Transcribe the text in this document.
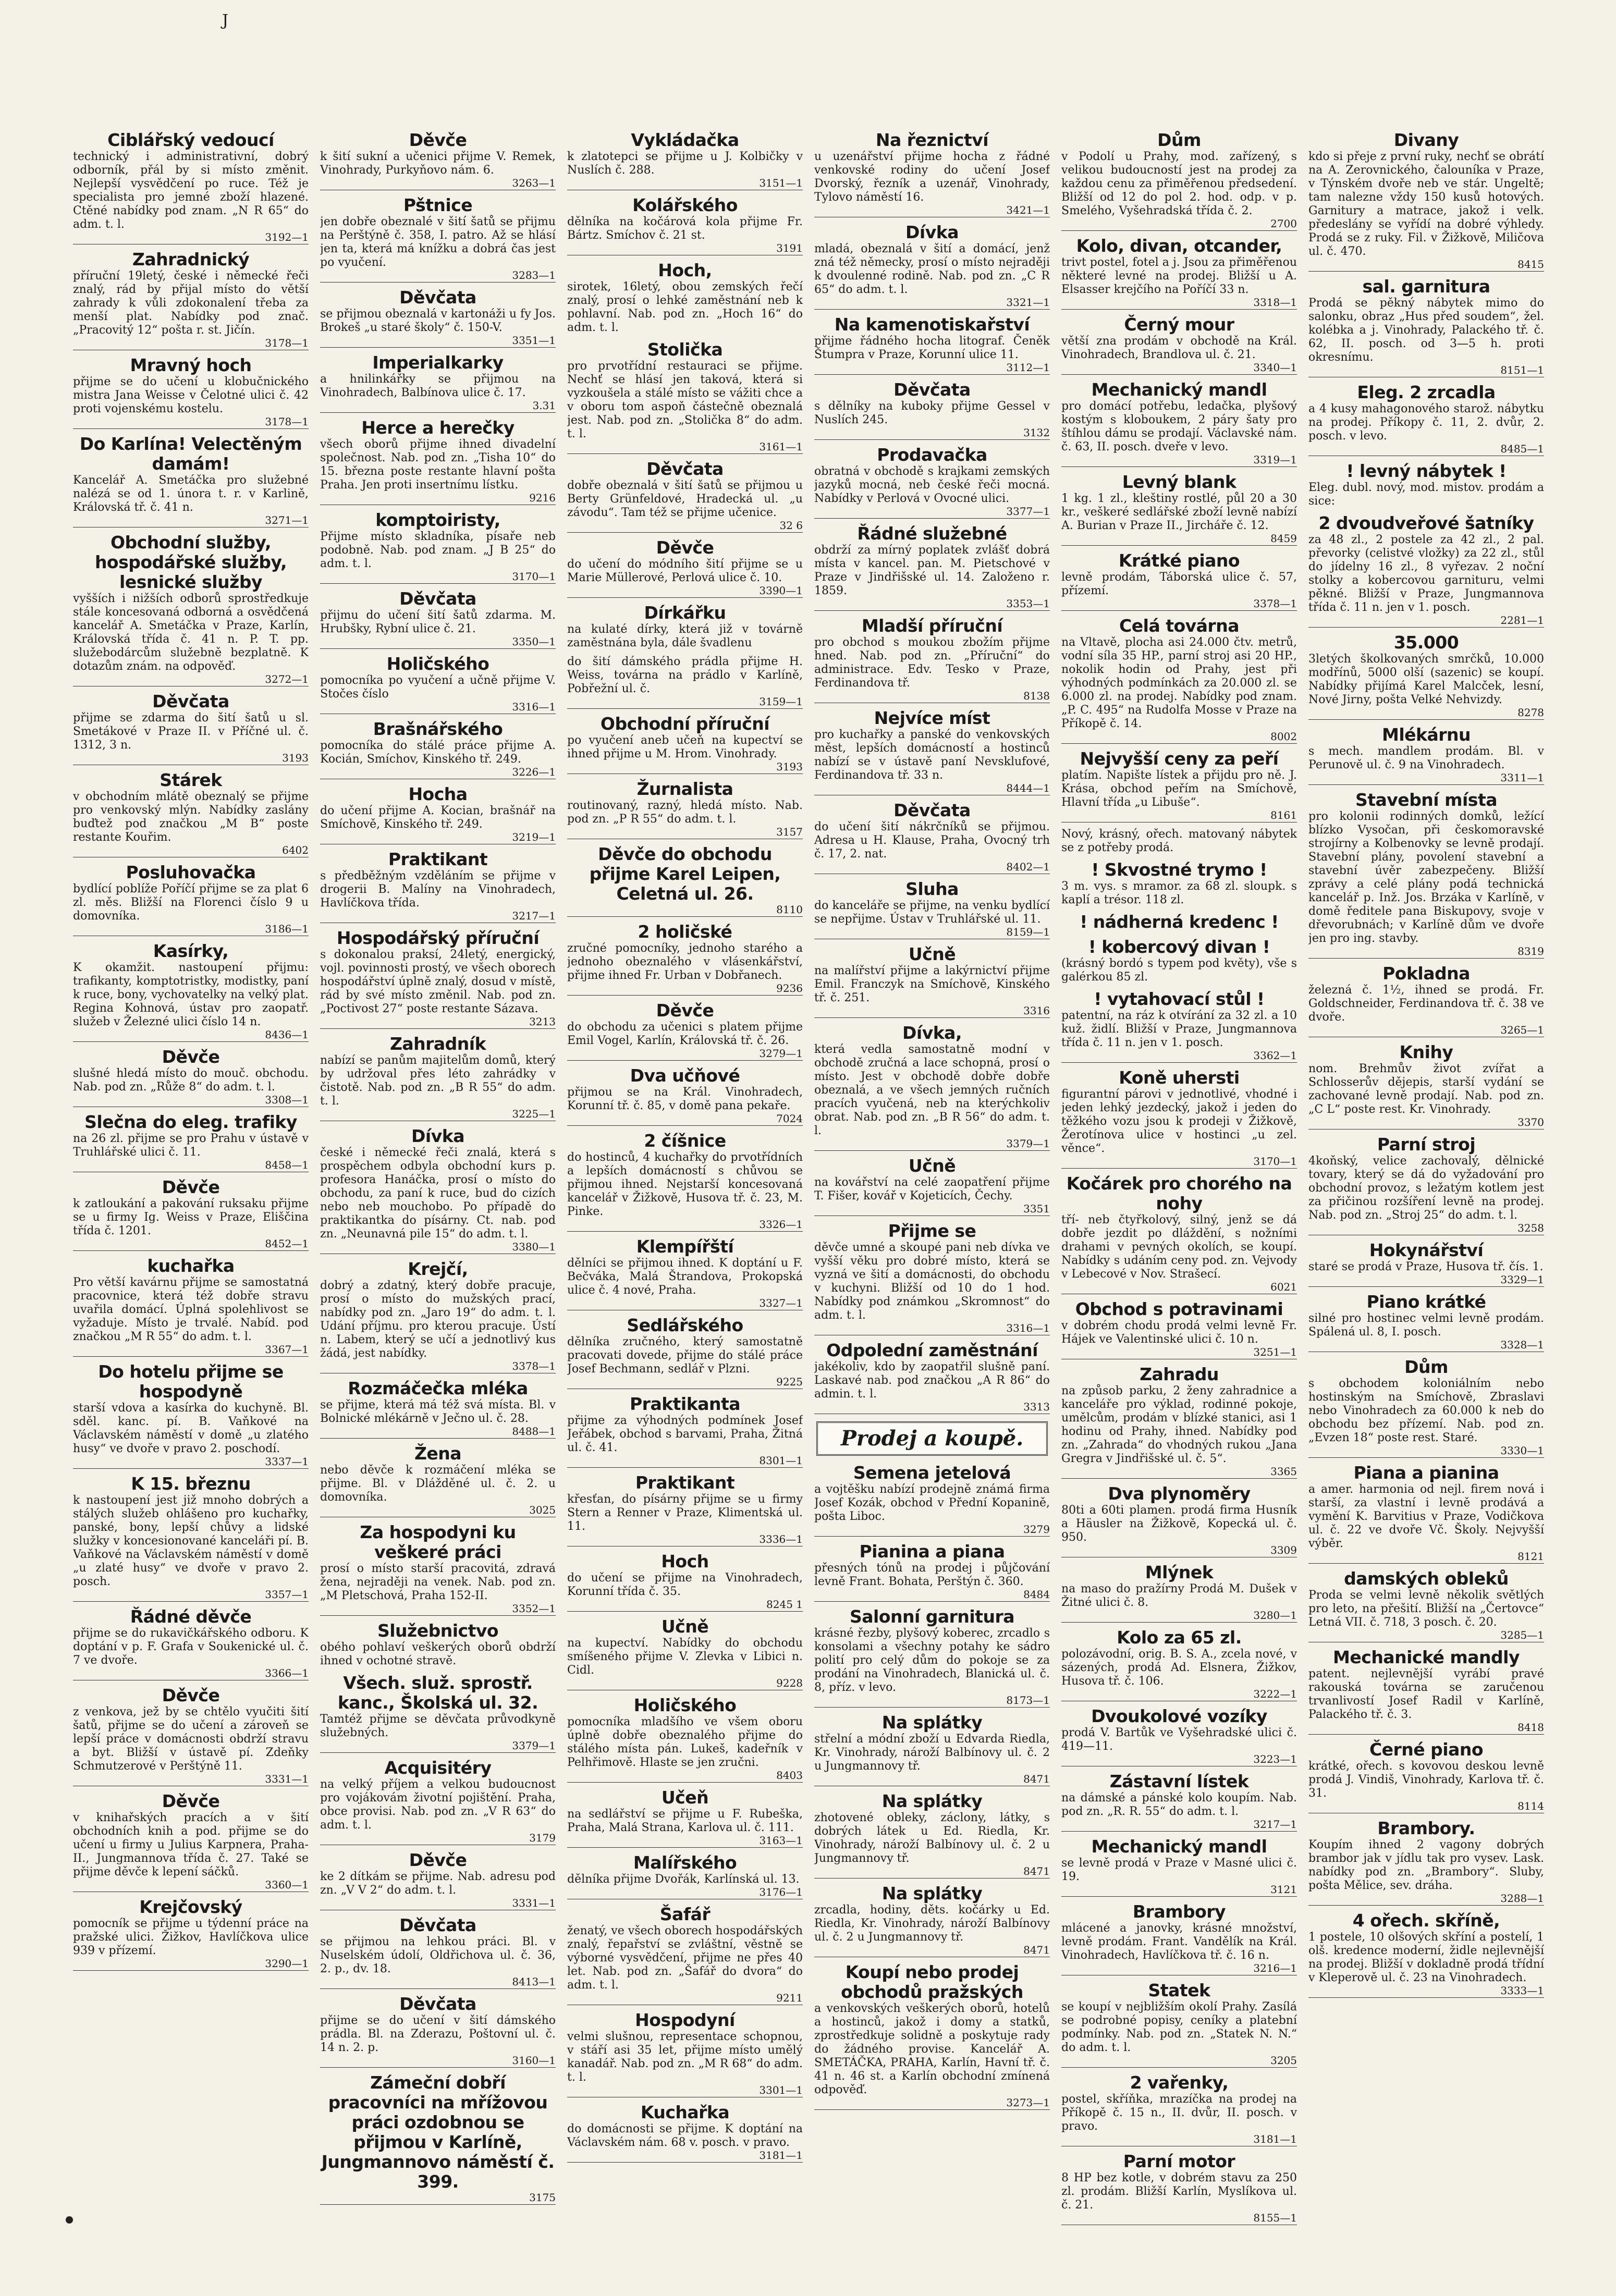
J
Ciblářský vedoucí

technický i administrativní, dobrý odborník, přál by si místo změnit. Nejlepší vysvědčení po ruce. Též je specialista pro jemné zboží hlazené. Ctěné nabídky pod znam. „N R 65“ do adm. t. l.

3192—1
Zahradnický

příruční 19letý, české i německé řeči znalý, rád by přijal místo do větší zahrady k vůli zdokonalení třeba za menší plat. Nabídky pod znač. „Pracovitý 12“ pošta r. st. Jičín.

3178—1
Mravný hoch

přijme se do učení u klobučnického mistra Jana Weisse v Čelotné ulici č. 42 proti vojenskému kostelu.

3178—1
Do Karlína! Velectěným damám!

Kancelář A. Smetáčka pro služebné nalézá se od 1. února t. r. v Karlině, Královská tř. č. 41 n.

3271—1
Obchodní služby, hospodářské služby, lesnické služby

vyšších i nižších odborů sprostředkuje stále koncesovaná odborná a osvědčená kancelář A. Smetáčka v Praze, Karlín, Královská třída č. 41 n. P. T. pp. služebodárcům služebně bezplatně. K dotazům znám. na odpověď.

3272—1
Děvčata

přijme se zdarma do šití šatů u sl. Smetákové v Praze II. v Příčné ul. č. 1312, 3 n.

3193
Stárek

v obchodním mlátě obeznalý se přijme pro venkovský mlýn. Nabídky zaslány buďtež pod značkou „M B“ poste restante Kouřim.

6402
Posluhovačka

bydlící poblíže Poříčí přijme se za plat 6 zl. měs. Bližší na Florenci číslo 9 u domovníka.

3186—1
Kasírky,

K okamžit. nastoupení přijmu: trafikanty, komptotristky, modistky, paní k ruce, bony, vychovatelky na velký plat. Regina Kohnová, ústav pro zaopatř. služeb v Železné ulici číslo 14 n.

8436—1
Děvče

slušné hledá místo do mouč. obchodu. Nab. pod zn. „Růže 8“ do adm. t. l.

3308—1
Slečna do eleg. trafiky

na 26 zl. přijme se pro Prahu v ústavě v Truhlářské ulici č. 11.

8458—1
Děvče

k zatloukání a pakování ruksaku přijme se u firmy Ig. Weiss v Praze, Eliščina třída č. 1201.

8452—1
kuchařka

Pro větší kavárnu přijme se samostatná pracovnice, která též dobře stravu uvařila domácí. Úplná spolehlivost se vyžaduje. Místo je trvalé. Nabíd. pod značkou „M R 55“ do adm. t. l.

3367—1
Do hotelu přijme se hospodyně

starší vdova a kasírka do kuchyně. Bl. sděl. kanc. pí. B. Vaňkové na Václavském náměstí v domě „u zlatého husy“ ve dvoře v pravo 2. poschodí.

3337—1
K 15. březnu

k nastoupení jest již mnoho dobrých a stálých služeb ohlášeno pro kuchařky, panské, bony, lepší chůvy a lidské služky v koncesionované kanceláři pí. B. Vaňkové na Václavském náměstí v domě „u zlaté husy“ ve dvoře v pravo 2. posch.

3357—1
Řádné děvče

přijme se do rukavičkářského odboru. K doptání v p. F. Grafa v Soukenické ul. č. 7 ve dvoře.

3366—1
Děvče

z venkova, jež by se chtělo vyučiti šití šatů, přijme se do učení a zároveň se lepší práce v domácnosti obdrží stravu a byt. Bližší v ústavě pí. Zdeňky Schmutzerové v Perštýně 11.

3331—1
Děvče

v knihařských pracích a v šití obchodních knih a pod. přijme se do učení u firmy u Julius Karpnera, Praha-II., Jungmannova třída č. 27. Také se přijme děvče k lepení sáčků.

3360—1
Krejčovský

pomocník se přijme u týdenní práce na pražské ulici. Žižkov, Havlíčkova ulice 939 v přízemí.

3290—1
Děvče

k šití sukní a učenici přijme V. Remek, Vinohrady, Purkyňovo nám. 6.

3263—1
Pštnice

jen dobře obeznalé v šití šatů se přijmu na Perštýně č. 358, I. patro. Až se hlásí jen ta, která má knížku a dobrá čas jest po vyučení.

3283—1
Děvčata

se přijmou obeznalá v kartonáži u fy Jos. Brokeš „u staré školy“ č. 150-V.

3351—1
Imperialkarky

a hnilinkářky se přijmou na Vinohradech, Balbínova ulice č. 17.

3.31
Herce a herečky

všech oborů přijme ihned divadelní společnost. Nab. pod zn. „Tisha 10“ do 15. března poste restante hlavní pošta Praha. Jen proti insertnímu lístku.

9216
komptoiristy,

Přijme místo skladníka, písaře neb podobně. Nab. pod znam. „J B 25“ do adm. t. l.

3170—1
Děvčata

přijmu do učení šití šatů zdarma. M. Hrubšky, Rybní ulice č. 21.

3350—1
Holičského

pomocníka po vyučení a učně přijme V. Stočes číslo

3316—1
Brašnářského

pomocníka do stálé práce přijme A. Kocián, Smíchov, Kinského tř. 249.

3226—1
Hocha

do učení přijme A. Kocian, brašnář na Smíchově, Kinského tř. 249.

3219—1
Praktikant

s předběžným vzděláním se přijme v drogerii B. Malíny na Vinohradech, Havlíčkova třída.

3217—1
Hospodářský příruční

s dokonalou praksí, 24letý, energický, vojl. povinnosti prostý, ve všech oborech hospodářství úplně znalý, dosud v místě, rád by své místo změnil. Nab. pod zn. „Poctivost 27“ poste restante Sázava.

3213
Zahradník

nabízí se panům majitelům domů, který by udržoval přes léto zahrádky v čistotě. Nab. pod zn. „B R 55“ do adm. t. l.

3225—1
Dívka

české i německé řeči znalá, která s prospěchem odbyla obchodní kurs p. profesora Hanáčka, prosí o místo do obchodu, za paní k ruce, bud do cizích nebo neb mouchobo. Po případě do praktikantka do písárny. Ct. nab. pod zn. „Neunavná pile 15“ do adm. t. l.

3380—1
Krejčí,

dobrý a zdatný, který dobře pracuje, prosí o místo do mužských prací, nabídky pod zn. „Jaro 19“ do adm. t. l. Udání příjmu. pro kterou pracuje. Ústí n. Labem, který se učí a jednotlivý kus žádá, jest nabídky.

3378—1
Rozmáčečka mléka

se přijme, která má též svá místa. Bl. v Bolnické mlékárně v Ječno ul. č. 28.

8488—1
Žena

nebo děvče k rozmáčení mléka se přijme. Bl. v Dlážděné ul. č. 2. u domovníka.

3025
Za hospodyni ku veškeré práci

prosí o místo starší pracovitá, zdravá žena, nejraději na venek. Nab. pod zn. „M Pletschová, Praha 152-II.

3352—1
Služebnictvo

obého pohlaví veškerých oborů obdrží ihned v ochotné stravě.

Všech. služ. sprostř. kanc., Školská ul. 32.

Tamtéž přijme se děvčata průvodkyně služebných.

3379—1
Acquisitéry

na velký příjem a velkou budoucnost pro vojákovám životní pojištění. Praha, obce provisi. Nab. pod zn. „V R 63“ do adm. t. l.

3179
Děvče

ke 2 dítkám se přijme. Nab. adresu pod zn. „V V 2“ do adm. t. l.

3331—1
Děvčata

se přijmou na lehkou práci. Bl. v Nuselském údolí, Oldřichova ul. č. 36, 2. p., dv. 18.

8413—1
Děvčata

přijme se do učení v šití dámského prádla. Bl. na Zderazu, Poštovní ul. č. 14 n. 2. p.

3160—1
Zámeční dobří pracovníci na mřížovou práci ozdobnou se přijmou v Karlíně, Jungmannovo náměstí č. 399.
3175
Vykládačka

k zlatotepci se přijme u J. Kolbičky v Nuslích č. 288.

3151—1
Kolářského

dělníka na kočárová kola přijme Fr. Bártz. Smíchov č. 21 st.

3191
Hoch,

sirotek, 16letý, obou zemských řečí znalý, prosí o lehké zaměstnání neb k pohlavní. Nab. pod zn. „Hoch 16“ do adm. t. l.

Stolička

pro prvotřídní restauraci se přijme. Nechť se hlásí jen taková, která si vyzkoušela a stálé místo se vážiti chce a v oboru tom aspoň částečně obeznalá jest. Nab. pod zn. „Stolička 8“ do adm. t. l.

3161—1
Děvčata

dobře obeznalá v šití šatů se přijmou u Berty Grünfeldové, Hradecká ul. „u závodu“. Tam též se přijme učenice.

32 6
Děvče

do učení do módního šití přijme se u Marie Müllerové, Perlová ulice č. 10.

3390—1
Dírkářku

na kulaté dírky, která již v továrně zaměstnána byla, dále švadlenu

do šití dámského prádla přijme H. Weiss, továrna na prádlo v Karlíně, Pobřežní ul. č.

3159—1
Obchodní příruční

po vyučení aneb učeň na kupectví se ihned přijme u M. Hrom. Vinohrady.

3193
Žurnalista

routinovaný, razný, hledá místo. Nab. pod zn. „P R 55“ do adm. t. l.

3157
Děvče do obchodu přijme Karel Leipen, Celetná ul. 26.
8110
2 holičské

zručné pomocníky, jednoho starého a jednoho obeznalého v vlásenkářství, přijme ihned Fr. Urban v Dobřanech.

9236
Děvče

do obchodu za učenici s platem přijme Emil Vogel, Karlín, Královská tř. č. 26.

3279—1
Dva učňové

přijmou se na Král. Vinohradech, Korunní tř. č. 85, v domě pana pekaře.

7024
2 číšnice

do hostinců, 4 kuchařky do prvotřídních a lepších domácností s chůvou se přijmou ihned. Nejstarší koncesovaná kancelář v Žižkově, Husova tř. č. 23, M. Pinke.

3326—1
Klempířští

dělníci se přijmou ihned. K doptání u F. Bečváka, Malá Štrandova, Prokopská ulice č. 4 nové, Praha.

3327—1
Sedlářského

dělníka zručného, který samostatně pracovati dovede, přijme do stálé práce Josef Bechmann, sedlář v Plzni.

9225
Praktikanta

přijme za výhodných podmínek Josef Jeřábek, obchod s barvami, Praha, Žitná ul. č. 41.

8301—1
Praktikant

křesťan, do písárny přijme se u firmy Stern a Renner v Praze, Klimentská ul. 11.

3336—1
Hoch

do učení se přijme na Vinohradech, Korunní třída č. 35.

8245 1
Učně

na kupectví. Nabídky do obchodu smíšeného přijme V. Zlevka v Libici n. Cidl.

9228
Holičského

pomocníka mladšího ve všem oboru úplně dobře obeznalého přijme do stálého místa pán. Lukeš, kadeřník v Pelhřimově. Hlaste se jen zručni.

8403
Učeň

na sedlářství se přijme u F. Rubeška, Praha, Malá Strana, Karlova ul. č. 111.

3163—1
Malířského

dělníka přijme Dvořák, Karlínská ul. 13.

3176—1
Šafář

ženatý, ve všech oborech hospodářských znalý, řepařství se zvláštní, věstně se výborné vysvědčení, přijme ne přes 40 let. Nab. pod zn. „Šafář do dvora“ do adm. t. l.

9211
Hospodyní

velmi slušnou, representace schopnou, v stáří asi 35 let, přijme místo umělý kanadář. Nab. pod zn. „M R 68“ do adm. t. l.

3301—1
Kuchařka

do domácnosti se přijme. K doptání na Václavském nám. 68 v. posch. v pravo.

3181—1
Na řeznictví

u uzenářství přijme hocha z řádné venkovské rodiny do učení Josef Dvorský, řezník a uzenář, Vinohrady, Tylovo náměstí 16.

3421—1
Dívka

mladá, obeznalá v šití a domácí, jenž zná též německy, prosí o místo nejraději k dvoulenné rodině. Nab. pod zn. „C R 65“ do adm. t. l.

3321—1
Na kamenotiskařství

přijme řádného hocha litograf. Čeněk Štumpra v Praze, Korunní ulice 11.

3112—1
Děvčata

s dělníky na kuboky přijme Gessel v Nuslích 245.

3132
Prodavačka

obratná v obchodě s krajkami zemských jazyků mocná, neb české řeči mocná. Nabídky v Perlová v Ovocné ulici.

3377—1
Řádné služebné

obdrží za mírný poplatek zvlášť dobrá místa v kancel. pan. M. Pietschové v Praze v Jindřišské ul. 14. Založeno r. 1859.

3353—1
Mladší příruční

pro obchod s moukou zbožím přijme hned. Nab. pod zn. „Příruční“ do administrace. Edv. Tesko v Praze, Ferdinandova tř.

8138
Nejvíce míst

pro kuchařky a panské do venkovských měst, lepších domácností a hostinců nabízí se v ústavě paní Nevsklufové, Ferdinandova tř. 33 n.

8444—1
Děvčata

do učení šití nákrčníků se přijmou. Adresa u H. Klause, Praha, Ovocný trh č. 17, 2. nat.

8402—1
Sluha

do kanceláře se přijme, na venku bydlící se nepřijme. Ústav v Truhlářské ul. 11.

8159—1
Učně

na malířství přijme a lakýrnictví přijme Emil. Franczyk na Smíchově, Kinského tř. č. 251.

3316
Dívka,

která vedla samostatně modní v obchodě zručná a lace schopná, prosí o místo. Jest v obchodě dobře dobře obeznalá, a ve všech jemných ručních pracích vyučená, neb na kterýchkoliv obrat. Nab. pod zn. „B R 56“ do adm. t. l.

3379—1
Učně

na kovářství na celé zaopatření přijme T. Fišer, kovář v Kojeticích, Čechy.

3351
Přijme se

děvče umné a skoupé pani neb dívka ve vyšší věku pro dobré místo, která se vyzná ve šití a domácnosti, do obchodu v kuchyni. Bližší od 10 do 1 hod. Nabídky pod známkou „Skromnost“ do adm. t. l.

3316—1
Odpolední zaměstnání

jakékoliv, kdo by zaopatřil slušně paní. Laskavé nab. pod značkou „A R 86“ do admin. t. l.

3313
Prodej a koupě.
Semena jetelová

a vojtěšku nabízí prodejně známá firma Josef Kozák, obchod v Přední Kopanině, pošta Liboc.

3279
Pianina a piana

přesných tónů na prodej i půjčování levně Frant. Bohata, Perštýn č. 360.

8484
Salonní garnitura

krásné řezby, plyšový koberec, zrcadlo s konsolami a všechny potahy ke sádro polití pro celý dům do pokoje se za prodání na Vinohradech, Blanická ul. č. 8, příz. v levo.

8173—1
Na splátky

střelní a módní zboží u Edvarda Riedla, Kr. Vinohrady, nároží Balbínovy ul. č. 2 u Jungmannovy tř.

8471
Na splátky

zhotovené obleky, záclony, látky, s dobrých látek u Ed. Riedla, Kr. Vinohrady, nároží Balbínovy ul. č. 2 u Jungmannovy tř.

8471
Na splátky

zrcadla, hodiny, děts. kočárky u Ed. Riedla, Kr. Vinohrady, nároží Balbínovy ul. č. 2 u Jungmannovy tř.

8471
Koupí nebo prodej obchodů pražských

a venkovských veškerých oborů, hotelů a hostinců, jakož i domy a statků, zprostředkuje solidně a poskytuje rady do žádného provise. Kancelář A. SMETÁČKA, PRAHA, Karlín, Havní tř. č. 41 n. 46 st. a Karlín obchodní zmínená odpověď.

3273—1
Dům

v Podolí u Prahy, mod. zařízený, s velikou budoucností jest na prodej za každou cenu za přiměřenou předsedení. Bližší od 12 do pol 2. hod. odp. v p. Smelého, Vyšehradská třída č. 2.

2700
Kolo, divan, otcander,

trivt postel, fotel a j. Jsou za přiměřenou některé levné na prodej. Bližší u A. Elsasser krejčího na Poříčí 33 n.

3318—1
Černý mour

větší zna prodám v obchodě na Král. Vinohradech, Brandlova ul. č. 21.

3340—1
Mechanický mandl

pro domácí potřebu, ledačka, plyšový kostým s kloboukem, 2 páry šaty pro štíhlou dámu se prodají. Václavské nám. č. 63, II. posch. dveře v levo.

3319—1
Levný blank

1 kg. 1 zl., kleštiny rostlé, půl 20 a 30 kr., veškeré sedlářské zboží levně nabízí A. Burian v Praze II., Jircháře č. 12.

8459
Krátké piano

levně prodám, Táborská ulice č. 57, přízemí.

3378—1
Celá továrna

na Vltavě, plocha asi 24.000 čtv. metrů, vodní síla 35 HP., parní stroj asi 20 HP., nokolik hodin od Prahy, jest při výhodných podmínkách za 20.000 zl. se 6.000 zl. na prodej. Nabídky pod znam. „P. C. 495“ na Rudolfa Mosse v Praze na Příkopě č. 14.

8002
Nejvyšší ceny za peří

platím. Napište lístek a přijdu pro ně. J. Krása, obchod peřím na Smíchově, Hlavní třída „u Libuše“.

8161

Nový, krásný, ořech. matovaný nábytek se z potřeby prodá.

! Skvostné trymo !

3 m. vys. s mramor. za 68 zl. sloupk. s kaplí a trésor. 118 zl.

! nádherná kredenc !
! kobercový divan !

(krásný bordó s typem pod květy), vše s galérkou 85 zl.

! vytahovací stůl !

patentní, na ráz k otvírání za 32 zl. a 10 kuž. židlí. Bližší v Praze, Jungmannova třída č. 11 n. jen v 1. posch.

3362—1
Koně uhersti

figurantní párovi v jednotlivé, vhodné i jeden lehký jezdecký, jakož i jeden do těžkého vozu jsou k prodeji v Žižkově, Žerotínova ulice v hostinci „u zel. věnce“.

3170—1
Kočárek pro chorého na nohy

tří- neb čtyřkolový, silný, jenž se dá dobře jezdit po dláždění, s nožními drahami v pevných okolích, se koupí. Nabídky s udáním ceny pod. zn. Vejvody v Lebecové v Nov. Strašecí.

6021
Obchod s potravinami

v dobrém chodu prodá velmi levně Fr. Hájek ve Valentinské ulici č. 10 n.

3251—1
Zahradu

na způsob parku, 2 ženy zahradnice a kanceláře pro výklad, rodinné pokoje, umělcům, prodám v blízké stanici, asi 1 hodinu od Prahy, ihned. Nabídky pod zn. „Zahrada“ do vhodných rukou „Jana Gregra v Jindřišské ul. č. 5“.

3365
Dva plynoměry

80ti a 60ti plamen. prodá firma Husník a Häusler na Žižkově, Kopecká ul. č. 950.

3309
Mlýnek

na maso do pražírny Prodá M. Dušek v Žitné ulici č. 8.

3280—1
Kolo za 65 zl.

polozávodní, orig. B. S. A., zcela nové, v sázených, prodá Ad. Elsnera, Žižkov, Husova tř. č. 106.

3222—1
Dvoukolové vozíky

prodá V. Bartůk ve Vyšehradské ulici č. 419—11.

3223—1
Zástavní lístek

na dámské a pánské kolo koupím. Nab. pod zn. „R. R. 55“ do adm. t. l.

3217—1
Mechanický mandl

se levně prodá v Praze v Masné ulici č. 19.

3121
Brambory

mlácené a janovky, krásné množství, levně prodám. Frant. Vandělík na Král. Vinohradech, Havlíčkova tř. č. 16 n.

3216—1
Statek

se koupí v nejbližším okolí Prahy. Zasílá se podrobné popisy, ceníky a platební podmínky. Nab. pod zn. „Statek N. N.“ do adm. t. l.

3205
2 vařenky,

postel, skříňka, mrazíčka na prodej na Příkopě č. 15 n., II. dvůr, II. posch. v pravo.

3181—1
Parní motor

8 HP bez kotle, v dobrém stavu za 250 zl. prodám. Bližší Karlín, Myslíkova ul. č. 21.

8155—1
Divany

kdo si přeje z první ruky, nechť se obrátí na A. Zerovnického, čalouníka v Praze, v Týnském dvoře neb ve stár. Ungeltě; tam nalezne vždy 150 kusů hotových. Garnitury a matrace, jakož i velk. předeslány se vyřídí na dobré výhledy. Prodá se z ruky. Fil. v Žižkově, Miličova ul. č. 470.

8415
sal. garnitura

Prodá se pěkný nábytek mimo do salonku, obraz „Hus před soudem“, žel. kolébka a j. Vinohrady, Palackého tř. č. 62, II. posch. od 3—5 h. proti okresnímu.

8151—1
Eleg. 2 zrcadla

a 4 kusy mahagonového starož. nábytku na prodej. Příkopy č. 11, 2. dvůr, 2. posch. v levo.

8485—1
! levný nábytek !

Eleg. dubl. nový, mod. mistov. prodám a sice:

2 dvoudveřové šatníky

za 48 zl., 2 postele za 42 zl., 2 pal. převorky (celistvé vložky) za 22 zl., stůl do jídelny 16 zl., 8 vyřezav. 2 noční stolky a kobercovou garnituru, velmi pěkné. Bližší v Praze, Jungmannova třída č. 11 n. jen v 1. posch.

2281—1
35.000

3letých školkovaných smrčků, 10.000 modřínů, 5000 olší (sazenic) se koupí. Nabídky přijímá Karel Malcček, lesní, Nové Jirny, pošta Velké Nehvizdy.

8278
Mlékárnu

s mech. mandlem prodám. Bl. v Perunově ul. č. 9 na Vinohradech.

3311—1
Stavební místa

pro kolonii rodinných domků, ležící blízko Vysočan, při českomoravské strojírny a Kolbenovky se levně prodají. Stavební plány, povolení stavební a stavební úvěr zabezpečeny. Bližší zprávy a celé plány podá technická kancelář p. Inž. Jos. Brzáka v Karlíně, v domě ředitele pana Biskupovy, svoje v dřevorubnách; v Karlíně dům ve dvoře jen pro ing. stavby.

8319
Pokladna

železná č. 1½, ihned se prodá. Fr. Goldschneider, Ferdinandova tř. č. 38 ve dvoře.

3265—1
Knihy

nom. Brehmův život zvířat a Schlosserův dějepis, starší vydání se zachované levně prodají. Nab. pod zn. „C L“ poste rest. Kr. Vinohrady.

3370
Parní stroj

4koňský, velice zachovalý, dělnické tovary, který se dá do vyžadování pro obchodní provoz, s ležatým kotlem jest za přičinou rozšíření levně na prodej. Nab. pod zn. „Stroj 25“ do adm. t. l.

3258
Hokynářství

staré se prodá v Praze, Husova tř. čís. 1.

3329—1
Piano krátké

silné pro hostinec velmi levně prodám. Spálená ul. 8, I. posch.

3328—1
Dům

s obchodem koloniálním nebo hostinským na Smíchově, Zbraslavi nebo Vinohradech za 60.000 k neb do obchodu bez přízemí. Nab. pod zn. „Evzen 18“ poste rest. Staré.

3330—1
Piana a pianina

a amer. harmonia od nejl. firem nová i starší, za vlastní i levně prodává a vymění K. Barvitius v Praze, Vodičkova ul. č. 22 ve dvoře Vč. Školy. Nejvyšší výběr.

8121
damských obleků

Proda se velmi levně několik světlých pro leto, na přešití. Bližší na „Čertovce“ Letná VII. č. 718, 3 posch. č. 20.

3285—1
Mechanické mandly

patent. nejlevnější vyrábí pravé rakouská továrna se zaručenou trvanlivostí Josef Radil v Karlíně, Palackého tř. č. 3.

8418
Černé piano

krátké, ořech. s kovovou deskou levně prodá J. Vindiš, Vinohrady, Karlova tř. č. 31.

8114
Brambory.

Koupím ihned 2 vagony dobrých brambor jak v jídlu tak pro vysev. Lask. nabídky pod zn. „Brambory“. Sluby, pošta Mělice, sev. dráha.

3288—1
4 ořech. skříně,

1 postele, 10 olšových skříní a postelí, 1 olš. kredence moderní, židle nejlevnější na prodej. Bližší v dokladně prodá třídní v Kleperově ul. č. 23 na Vinohradech.

3333—1
